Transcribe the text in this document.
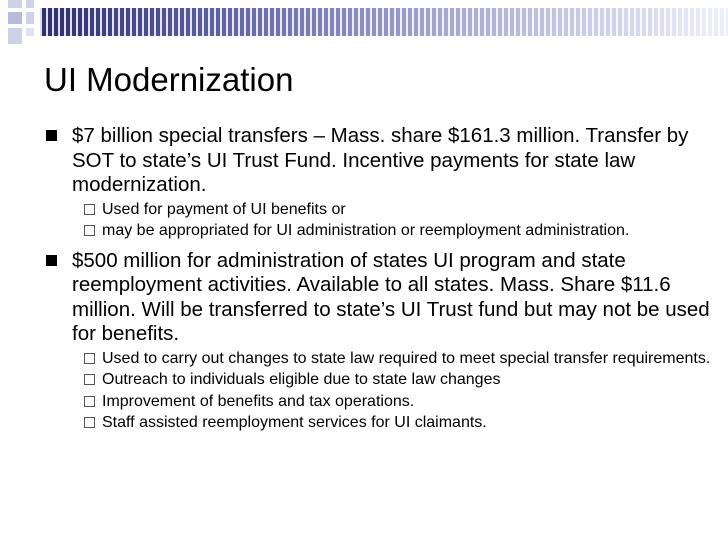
UI Modernization
$7 billion special transfers – Mass. share $161.3 million. Transfer by SOT to state’s UI Trust Fund. Incentive payments for state law modernization.
Used for payment of UI benefits or
may be appropriated for UI administration or reemployment administration.
$500 million for administration of states UI program and state reemployment activities. Available to all states. Mass. Share $11.6 million. Will be transferred to state’s UI Trust fund but may not be used for benefits.
Used to carry out changes to state law required to meet special transfer requirements.
Outreach to individuals eligible due to state law changes
Improvement of benefits and tax operations.
Staff assisted reemployment services for UI claimants.
